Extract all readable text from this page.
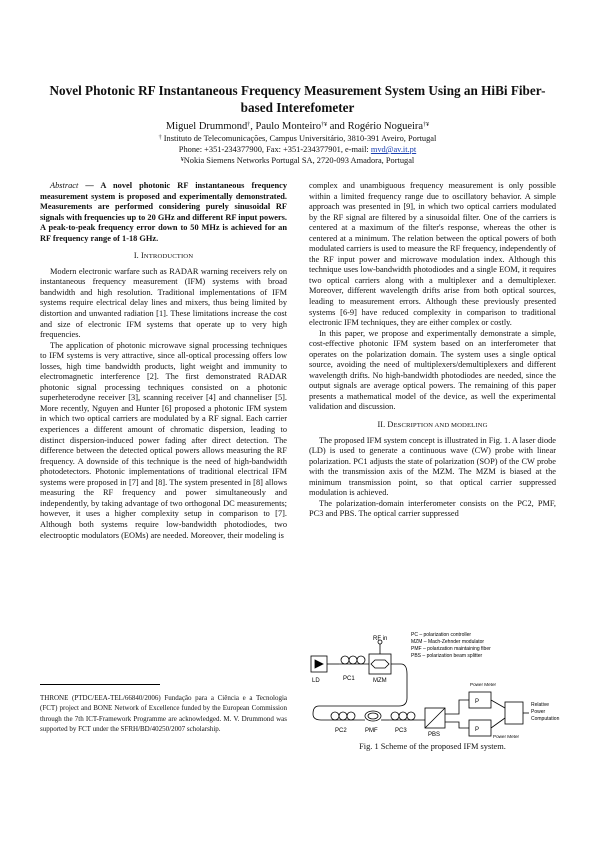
Novel Photonic RF Instantaneous Frequency Measurement System Using an HiBi Fiber-based Interefometer
Miguel Drummond†, Paulo Monteiro†¥ and Rogério Nogueira†¥
† Instituto de Telecomunicações, Campus Universitário, 3810-391 Aveiro, Portugal
Phone: +351-234377900, Fax: +351-234377901, e-mail: mvd@av.it.pt
¥Nokia Siemens Networks Portugal SA, 2720-093 Amadora, Portugal

Abstract — A novel photonic RF instantaneous frequency measurement system is proposed and experimentally demonstrated. Measurements are performed considering purely sinusoidal RF signals with frequencies up to 20 GHz and different RF input powers. A peak-to-peak frequency error down to 50 MHz is achieved for an RF frequency range of 1-18 GHz.

I. INTRODUCTION

Modern electronic warfare such as RADAR warning receivers rely on instantaneous frequency measurement (IFM) systems with broad bandwidth and high resolution. Traditional implementations of IFM systems require electrical delay lines and mixers, thus being limited by distortion and unwanted radiation [1]. These limitations increase the cost and size of electronic IFM systems that operate up to very high frequencies.

The application of photonic microwave signal processing techniques to IFM systems is very attractive, since all-optical processing offers low losses, high time bandwidth products, light weight and immunity to electromagnetic interference [2]. The first demonstrated RADAR photonic signal processing techniques consisted on a photonic superheterodyne receiver [3], scanning receiver [4] and channeliser [5]. More recently, Nguyen and Hunter [6] proposed a photonic IFM system in which two optical carriers are modulated by a RF signal. Each carrier experiences a different amount of chromatic dispersion, leading to distinct dispersion-induced power fading after direct detection. The difference between the detected optical powers allows measuring the RF frequency. A downside of this technique is the need of high-bandwidth photodetectors. Photonic implementations of traditional electrical IFM systems were proposed in [7] and [8]. The system presented in [8] allows measuring the RF frequency and power simultaneously and independently, by taking advantage of two orthogonal DC measurements; however, it uses a higher complexity setup in comparison to [7]. Although both systems require low-bandwidth photodiodes, two electrooptic modulators (EOMs) are needed. Moreover, their modeling is

THRONE (PTDC/EEA-TEL/66840/2006) Fundação para a Ciência e a Tecnologia (FCT) project and BONE Network of Excellence funded by the European Commission through the 7th ICT-Framework Programme are acknowledged. M. V. Drummond was supported by FCT under the SFRH/BD/40250/2007 scholarship.

complex and unambiguous frequency measurement is only possible within a limited frequency range due to oscillatory behavior. A simple approach was presented in [9], in which two optical carriers modulated by the RF signal are filtered by a sinusoidal filter. One of the carriers is centered at a maximum of the filter's response, whereas the other is centered at a minimum. The relation between the optical powers of both modulated carriers is used to measure the RF frequency, independently of the RF input power and microwave modulation index. Although this technique uses low-bandwidth photodiodes and a single EOM, it requires two optical carriers along with a multiplexer and a demultiplexer. Moreover, different wavelength drifts arise from both optical sources, leading to measurement errors. Although these previously presented systems [6-9] have reduced complexity in comparison to traditional electronic IFM techniques, they are either complex or costly.

In this paper, we propose and experimentally demonstrate a simple, cost-effective photonic IFM system based on an interferometer that operates on the polarization domain. The system uses a single optical source, avoiding the need of multiplexers/demultiplexers and different wavelength drifts. No high-bandwidth photodiodes are needed, since the output signals are average optical powers. The remaining of this paper presents a mathematical model of the device, as well the experimental validation and discussion.

II. DESCRIPTION AND MODELING

The proposed IFM system concept is illustrated in Fig. 1. A laser diode (LD) is used to generate a continuous wave (CW) probe with linear polarization. PC1 adjusts the state of polarization (SOP) of the CW probe with the transmission axis of the MZM. The MZM is biased at the minimum transmission point, so that optical carrier suppressed modulation is achieved.

The polarization-domain interferometer consists on the PC2, PMF, PC3 and PBS. The optical carrier suppressed

LD	PC1
RF in
MZM
PC2	PMF	PC3
PBS
Power Meter
P
P
Power Meter
Relative
Power
Computation
PC – polarization controller
MZM – Mach-Zehnder modulator
PMF – polarization maintaining fiber
PBS – polarization beam splitter
Fig. 1 Scheme of the proposed IFM system.
